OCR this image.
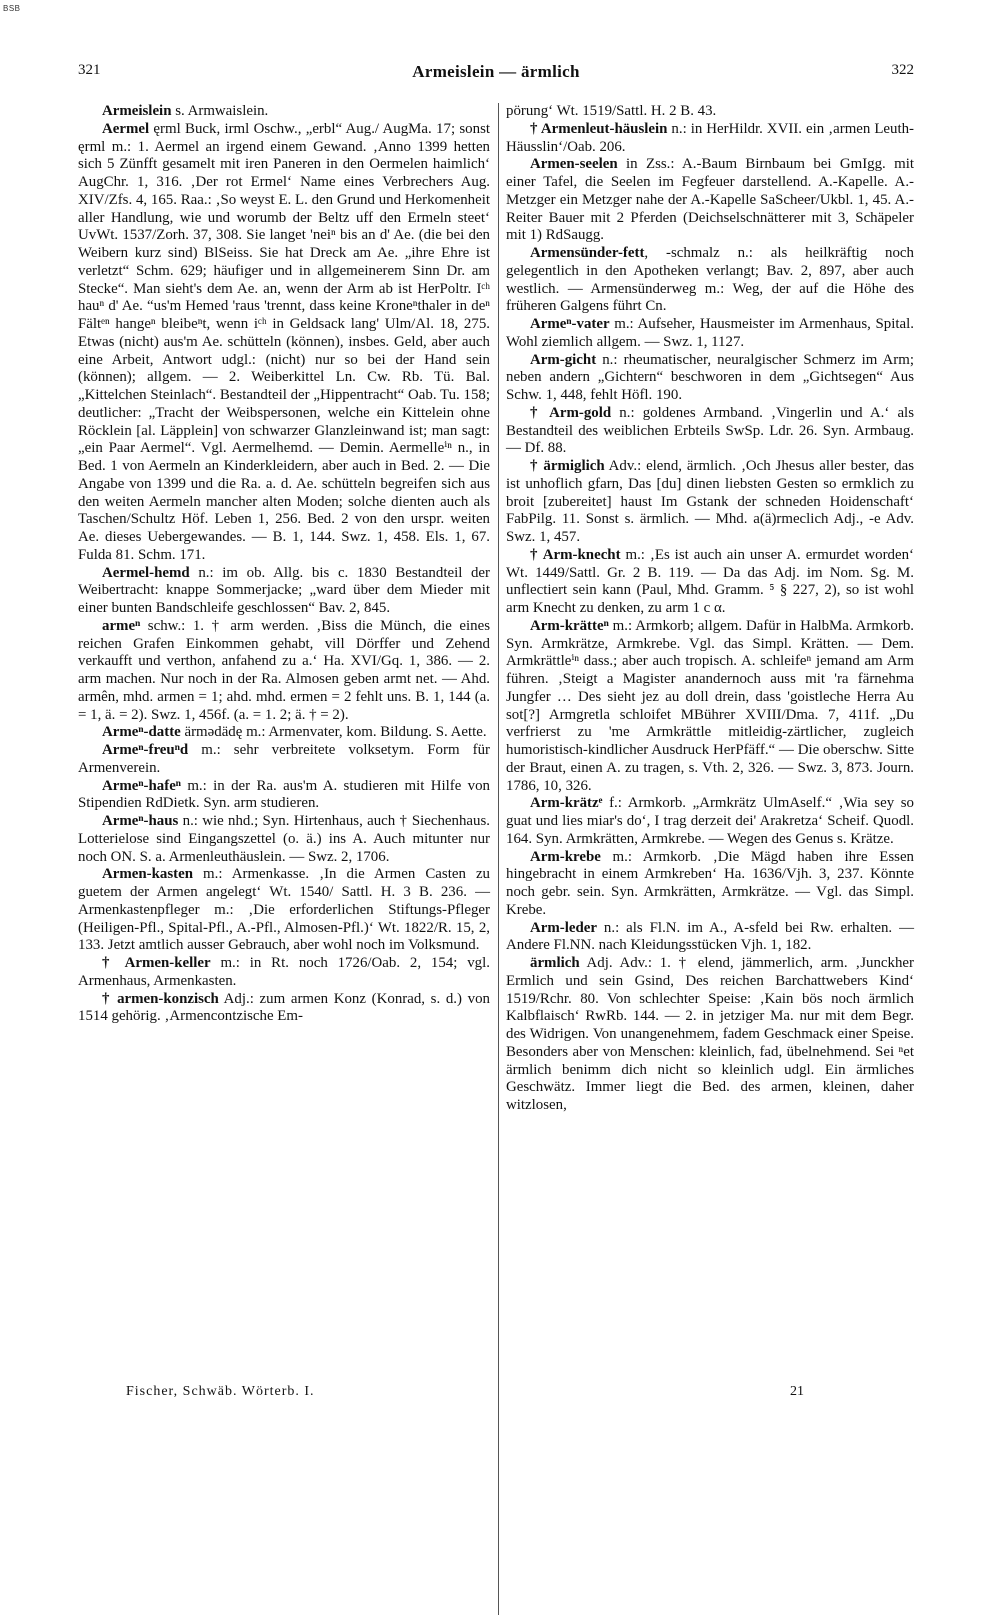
BSB
321	Armeislein — ärmlich	322

Armeislein s. Armwaislein.

Aermel ęrml Buck, irml Oschw., „erbl“ Aug./ AugMa. 17; sonst ęrml m.: 1. Aermel an irgend einem Gewand. ‚Anno 1399 hetten sich 5 Zünfft gesamelt mit iren Paneren in den Oermelen haimlich‘ AugChr. 1, 316. ‚Der rot Ermel‘ Name eines Verbrechers Aug. XIV/Zfs. 4, 165. Raa.: ‚So weyst E. L. den Grund und Herkomenheit aller Handlung, wie und worumb der Beltz uff den Ermeln steet‘ UvWt. 1537/Zorh. 37, 308. Sie langet 'neiⁿ bis an d' Ae. (die bei den Weibern kurz sind) BlSeiss. Sie hat Dreck am Ae. „ihre Ehre ist verletzt“ Schm. 629; häufiger und in allgemeinerem Sinn Dr. am Stecke“. Man sieht's dem Ae. an, wenn der Arm ab ist HerPoltr. Iᶜʰ hauⁿ d' Ae. “us'm Hemed 'raus 'trennt, dass keine Kroneⁿthaler in deⁿ Fältᵉⁿ hangeⁿ bleibeⁿt, wenn iᶜʰ in Geldsack lang' Ulm/Al. 18, 275. Etwas (nicht) aus'm Ae. schütteln (können), insbes. Geld, aber auch eine Arbeit, Antwort udgl.: (nicht) nur so bei der Hand sein (können); allgem. — 2. Weiberkittel Ln. Cw. Rb. Tü. Bal. „Kittelchen Steinlach“. Bestandteil der „Hippentracht“ Oab. Tu. 158; deutlicher: „Tracht der Weibspersonen, welche ein Kittelein ohne Röcklein [al. Läpplein] von schwarzer Glanzleinwand ist; man sagt: „ein Paar Aermel“. Vgl. Aermelhemd. — Demin. Aermelleⁱⁿ n., in Bed. 1 von Aermeln an Kinderkleidern, aber auch in Bed. 2. — Die Angabe von 1399 und die Ra. a. d. Ae. schütteln begreifen sich aus den weiten Aermeln mancher alten Moden; solche dienten auch als Taschen/Schultz Höf. Leben 1, 256. Bed. 2 von den urspr. weiten Ae. dieses Uebergewandes. — B. 1, 144. Swz. 1, 458. Els. 1, 67. Fulda 81. Schm. 171.

Aermel-hemd n.: im ob. Allg. bis c. 1830 Bestandteil der Weibertracht: knappe Sommerjacke; „ward über dem Mieder mit einer bunten Bandschleife geschlossen“ Bav. 2, 845.

armeⁿ schw.: 1. † arm werden. ‚Biss die Münch, die eines reichen Grafen Einkommen gehabt, vill Dörffer und Zehend verkaufft und verthon, anfahend zu a.‘ Ha. XVI/Gq. 1, 386. — 2. arm machen. Nur noch in der Ra. Almosen geben armt net. — Ahd. armên, mhd. armen = 1; ahd. mhd. ermen = 2 fehlt uns. B. 1, 144 (a. = 1, ä. = 2). Swz. 1, 456f. (a. = 1. 2; ä. † = 2).

Armeⁿ-datte ärmədädę m.: Armenvater, kom. Bildung. S. Aette.

Armeⁿ-freuⁿd m.: sehr verbreitete volksetym. Form für Armenverein.

Armeⁿ-hafeⁿ m.: in der Ra. aus'm A. studieren mit Hilfe von Stipendien RdDietk. Syn. arm studieren.

Armeⁿ-haus n.: wie nhd.; Syn. Hirtenhaus, auch † Siechenhaus. Lotterielose sind Eingangszettel (o. ä.) ins A. Auch mitunter nur noch ON. S. a. Armenleuthäuslein. — Swz. 2, 1706.

Armen-kasten m.: Armenkasse. ‚In die Armen Casten zu guetem der Armen angelegt‘ Wt. 1540/ Sattl. H. 3 B. 236. — Armenkastenpfleger m.: ‚Die erforderlichen Stiftungs-Pfleger (Heiligen-Pfl., Spital-Pfl., A.-Pfl., Almosen-Pfl.)‘ Wt. 1822/R. 15, 2, 133. Jetzt amtlich ausser Gebrauch, aber wohl noch im Volksmund.

† Armen-keller m.: in Rt. noch 1726/Oab. 2, 154; vgl. Armenhaus, Armenkasten.

† armen-konzisch Adj.: zum armen Konz (Konrad, s. d.) von 1514 gehörig. ‚Armencontzische Em-

pörung‘ Wt. 1519/Sattl. H. 2 B. 43.

† Armenleut-häuslein n.: in HerHildr. XVII. ein ‚armen Leuth-Häusslin‘/Oab. 206.

Armen-seelen in Zss.: A.-Baum Birnbaum bei GmIgg. mit einer Tafel, die Seelen im Fegfeuer darstellend. A.-Kapelle. A.-Metzger ein Metzger nahe der A.-Kapelle SaScheer/Ukbl. 1, 45. A.-Reiter Bauer mit 2 Pferden (Deichselschnätterer mit 3, Schäpeler mit 1) RdSaugg.

Armensünder-fett, -schmalz n.: als heilkräftig noch gelegentlich in den Apotheken verlangt; Bav. 2, 897, aber auch westlich. — Armensünderweg m.: Weg, der auf die Höhe des früheren Galgens führt Cn.

Armeⁿ-vater m.: Aufseher, Hausmeister im Armenhaus, Spital. Wohl ziemlich allgem. — Swz. 1, 1127.

Arm-gicht n.: rheumatischer, neuralgischer Schmerz im Arm; neben andern „Gichtern“ beschworen in dem „Gichtsegen“ Aus Schw. 1, 448, fehlt Höfl. 190.

† Arm-gold n.: goldenes Armband. ‚Vingerlin und A.‘ als Bestandteil des weiblichen Erbteils SwSp. Ldr. 26. Syn. Armbaug. — Df. 88.

† ärmiglich Adv.: elend, ärmlich. ‚Och Jhesus aller bester, das ist unhoflich gfarn, Das [du] dinen liebsten Gesten so ermklich zu broit [zubereitet] haust Im Gstank der schneden Hoidenschaft‘ FabPilg. 11. Sonst s. ärmlich. — Mhd. a(ä)rmeclich Adj., -e Adv. Swz. 1, 457.

† Arm-knecht m.: ‚Es ist auch ain unser A. ermurdet worden‘ Wt. 1449/Sattl. Gr. 2 B. 119. — Da das Adj. im Nom. Sg. M. unflectiert sein kann (Paul, Mhd. Gramm. ⁵ § 227, 2), so ist wohl arm Knecht zu denken, zu arm 1 c α.

Arm-krätteⁿ m.: Armkorb; allgem. Dafür in HalbMa. Armkorb. Syn. Armkrätze, Armkrebe. Vgl. das Simpl. Krätten. — Dem. Armkrättleⁱⁿ dass.; aber auch tropisch. A. schleifeⁿ jemand am Arm führen. ‚Steigt a Magister anandernoch auss mit 'ra färnehma Jungfer … Des sieht jez au doll drein, dass 'goistleche Herra Au sot[?] Armgretla schloifet MBührer XVIII/Dma. 7, 411f. „Du verfrierst zu 'me Armkrättle mitleidig-zärtlicher, zugleich humoristisch-kindlicher Ausdruck HerPfäff.“ — Die oberschw. Sitte der Braut, einen A. zu tragen, s. Vth. 2, 326. — Swz. 3, 873. Journ. 1786, 10, 326.

Arm-krätzᵉ f.: Armkorb. „Armkrätz UlmAself.“ ‚Wia sey so guat und lies miar's do‘, I trag derzeit dei' Arakretza‘ Scheif. Quodl. 164. Syn. Armkrätten, Armkrebe. — Wegen des Genus s. Krätze.

Arm-krebe m.: Armkorb. ‚Die Mägd haben ihre Essen hingebracht in einem Armkreben‘ Ha. 1636/Vjh. 3, 237. Könnte noch gebr. sein. Syn. Armkrätten, Armkrätze. — Vgl. das Simpl. Krebe.

Arm-leder n.: als Fl.N. im A., A-sfeld bei Rw. erhalten. — Andere Fl.NN. nach Kleidungsstücken Vjh. 1, 182.

ärmlich Adj. Adv.: 1. † elend, jämmerlich, arm. ‚Junckher Ermlich und sein Gsind, Des reichen Barchattwebers Kind‘ 1519/Rchr. 80. Von schlechter Speise: ‚Kain bös noch ärmlich Kalbflaisch‘ RwRb. 144. — 2. in jetziger Ma. nur mit dem Begr. des Widrigen. Von unangenehmem, fadem Geschmack einer Speise. Besonders aber von Menschen: kleinlich, fad, übelnehmend. Sei ⁿet ärmlich benimm dich nicht so kleinlich udgl. Ein ärmliches Geschwätz. Immer liegt die Bed. des armen, kleinen, daher witzlosen,

Fischer, Schwäb. Wörterb. I.	21
